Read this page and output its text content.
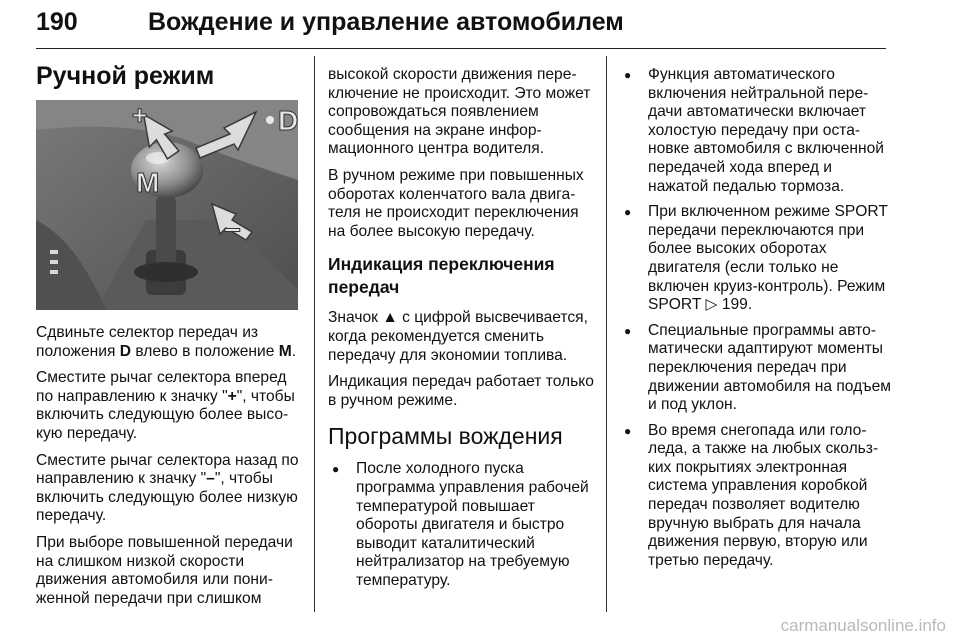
190	Вождение и управление автомобилем
Ручной режим
+
–
D
M

Сдвиньте селектор передач из положения D влево в положение M.

Сместите рычаг селектора вперед по направлению к значку "+", чтобы включить следующую более высокую передачу.

Сместите рычаг селектора назад по направлению к значку "–", чтобы включить следующую более низкую передачу.

При выборе повышенной передачи на слишком низкой скорости движения автомобиля или пониженной передачи при слишком

высокой скорости движения переключение не происходит. Это может сопровождаться появлением сообщения на экране информационного центра водителя.

В ручном режиме при повышенных оборотах коленчатого вала двигателя не происходит переключения на более высокую передачу.

Индикация переключения передач

Значок ▲ с цифрой высвечивается, когда рекомендуется сменить передачу для экономии топлива.

Индикация передач работает только в ручном режиме.

Программы вождения
● После холодного пуска программа управления рабочей температурой повышает обороты двигателя и быстро выводит каталитический нейтрализатор на требуемую температуру.
● Функция автоматического включения нейтральной передачи автоматически включает холостую передачу при остановке автомобиля с включенной передачей хода вперед и нажатой педалью тормоза.
● При включенном режиме SPORT передачи переключаются при более высоких оборотах двигателя (если только не включен круиз-контроль). Режим SPORT ▷ 199.
● Специальные программы автоматически адаптируют моменты переключения передач при движении автомобиля на подъем и под уклон.
● Во время снегопада или гололеда, а также на любых скользких покрытиях электронная система управления коробкой передач позволяет водителю вручную выбрать для начала движения первую, вторую или третью передачу.
carmanualsonline.info
